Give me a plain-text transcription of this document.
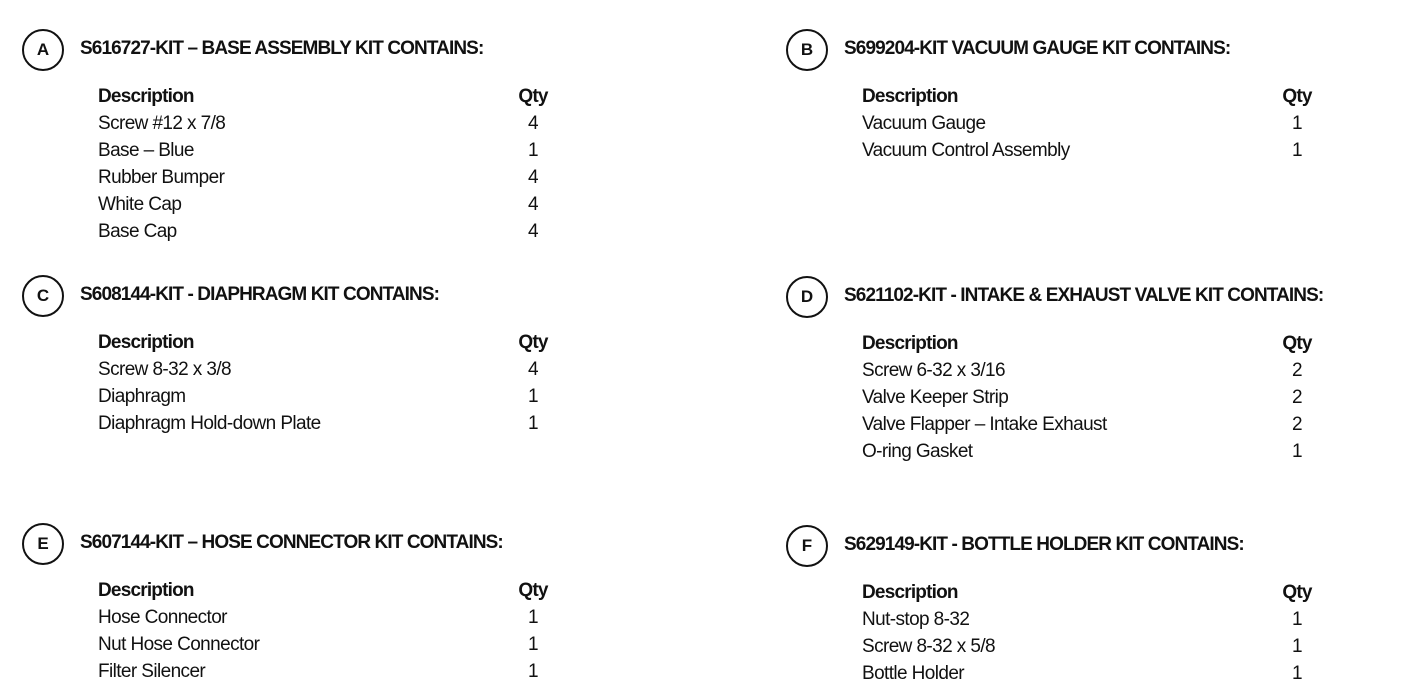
A	S616727-KIT – BASE ASSEMBLY KIT CONTAINS:
Description	Qty
Screw #12 x 7/8	4
Base – Blue	1
Rubber Bumper	4
White Cap	4
Base Cap	4
B	S699204-KIT VACUUM GAUGE KIT CONTAINS:
Description	Qty
Vacuum Gauge	1
Vacuum Control Assembly	1
C	S608144-KIT - DIAPHRAGM KIT CONTAINS:
Description	Qty
Screw 8-32 x 3/8	4
Diaphragm	1
Diaphragm Hold-down Plate	1
D	S621102-KIT - INTAKE & EXHAUST VALVE KIT CONTAINS:
Description	Qty
Screw 6-32 x 3/16	2
Valve Keeper Strip	2
Valve Flapper – Intake Exhaust	2
O-ring Gasket	1
E	S607144-KIT – HOSE CONNECTOR KIT CONTAINS:
Description	Qty
Hose Connector	1
Nut Hose Connector	1
Filter Silencer	1
F	S629149-KIT - BOTTLE HOLDER KIT CONTAINS:
Description	Qty
Nut-stop 8-32	1
Screw 8-32 x 5/8	1
Bottle Holder	1
